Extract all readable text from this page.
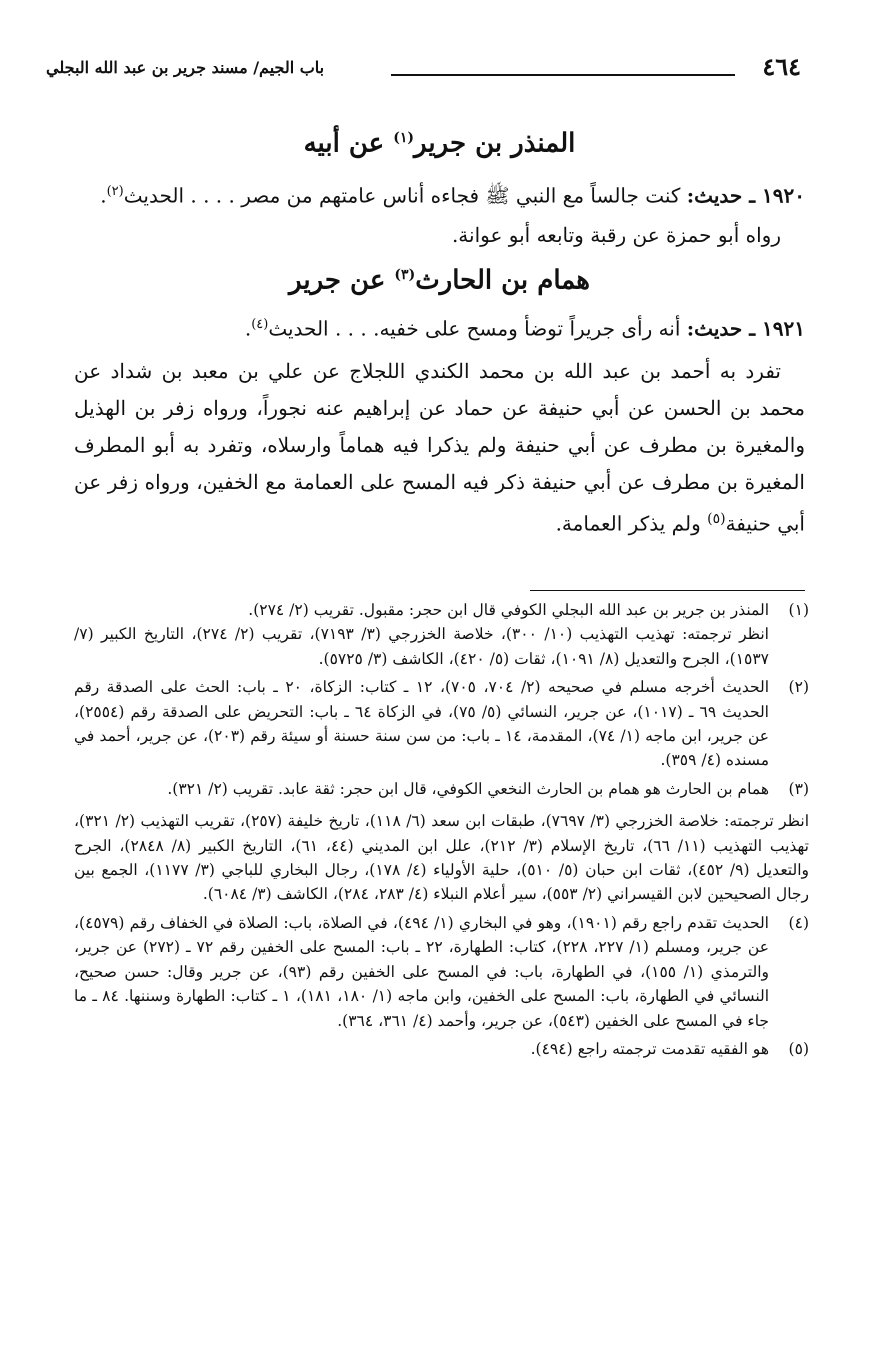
٤٦٤
باب الجيم/ مسند جرير بن عبد الله البجلي
المنذر بن جرير$^{(١)}$ عن أبيه

١٩٢٠ ـ حديث: كنت جالساً مع النبي ﷺ فجاءه أناس عامتهم من مصر . . . . الحديث$^{(٢)}$.

رواه أبو حمزة عن رقبة وتابعه أبو عوانة.

همام بن الحارث$^{(٣)}$ عن جرير

١٩٢١ ـ حديث: أنه رأى جريراً توضأ ومسح على خفيه. . . . الحديث$^{(٤)}$.

تفرد به أحمد بن عبد الله بن محمد الكندي اللجلاج عن علي بن معبد بن شداد عن محمد بن الحسن عن أبي حنيفة عن حماد عن إبراهيم عنه نجوراً، ورواه زفر بن الهذيل والمغيرة بن مطرف عن أبي حنيفة ولم يذكرا فيه هماماً وارسلاه، وتفرد به أبو المطرف المغيرة بن مطرف عن أبي حنيفة ذكر فيه المسح على العمامة مع الخفين، ورواه زفر عن أبي حنيفة$^{(٥)}$ ولم يذكر العمامة.

(١)

المنذر بن جرير بن عبد الله البجلي الكوفي قال ابن حجر: مقبول. تقريب (٢/ ٢٧٤).

انظر ترجمته: تهذيب التهذيب (١٠/ ٣٠٠)، خلاصة الخزرجي (٣/ ٧١٩٣)، تقريب (٢/ ٢٧٤)، التاريخ الكبير (٧/ ١٥٣٧)، الجرح والتعديل (٨/ ١٠٩١)، ثقات (٥/ ٤٢٠)، الكاشف (٣/ ٥٧٢٥).

(٢)

الحديث أخرجه مسلم في صحيحه (٢/ ٧٠٤، ٧٠٥)، ١٢ ـ كتاب: الزكاة، ٢٠ ـ باب: الحث على الصدقة رقم الحديث ٦٩ ـ (١٠١٧)، عن جرير، النسائي (٥/ ٧٥)، في الزكاة ٦٤ ـ باب: التحريض على الصدقة رقم (٢٥٥٤)، عن جرير، ابن ماجه (١/ ٧٤)، المقدمة، ١٤ ـ باب: من سن سنة حسنة أو سيئة رقم (٢٠٣)، عن جرير، أحمد في مسنده (٤/ ٣٥٩).

(٣)

همام بن الحارث هو همام بن الحارث النخعي الكوفي، قال ابن حجر: ثقة عابد. تقريب (٢/ ٣٢١).

انظر ترجمته: خلاصة الخزرجي (٣/ ٧٦٩٧)، طبقات ابن سعد (٦/ ١١٨)، تاريخ خليفة (٢٥٧)، تقريب التهذيب (٢/ ٣٢١)، تهذيب التهذيب (١١/ ٦٦)، تاريخ الإسلام (٣/ ٢١٢)، علل ابن المديني (٤٤، ٦١)، التاريخ الكبير (٨/ ٢٨٤٨)، الجرح والتعديل (٩/ ٤٥٢)، ثقات ابن حبان (٥/ ٥١٠)، حلية الأولياء (٤/ ١٧٨)، رجال البخاري للباجي (٣/ ١١٧٧)، الجمع بين رجال الصحيحين لابن القيسراني (٢/ ٥٥٣)، سير أعلام النبلاء (٤/ ٢٨٣، ٢٨٤)، الكاشف (٣/ ٦٠٨٤).

(٤)

الحديث تقدم راجع رقم (١٩٠١)، وهو في البخاري (١/ ٤٩٤)، في الصلاة، باب: الصلاة في الخفاف رقم (٤٥٧٩)، عن جرير، ومسلم (١/ ٢٢٧، ٢٢٨)، كتاب: الطهارة، ٢٢ ـ باب: المسح على الخفين رقم ٧٢ ـ (٢٧٢) عن جرير، والترمذي (١/ ١٥٥)، في الطهارة، باب: في المسح على الخفين رقم (٩٣)، عن جرير وقال: حسن صحيح، النسائي في الطهارة، باب: المسح على الخفين، وابن ماجه (١/ ١٨٠، ١٨١)، ١ ـ كتاب: الطهارة وسننها. ٨٤ ـ ما جاء في المسح على الخفين (٥٤٣)، عن جرير، وأحمد (٤/ ٣٦١، ٣٦٤).

(٥)

هو الفقيه تقدمت ترجمته راجع (٤٩٤).
